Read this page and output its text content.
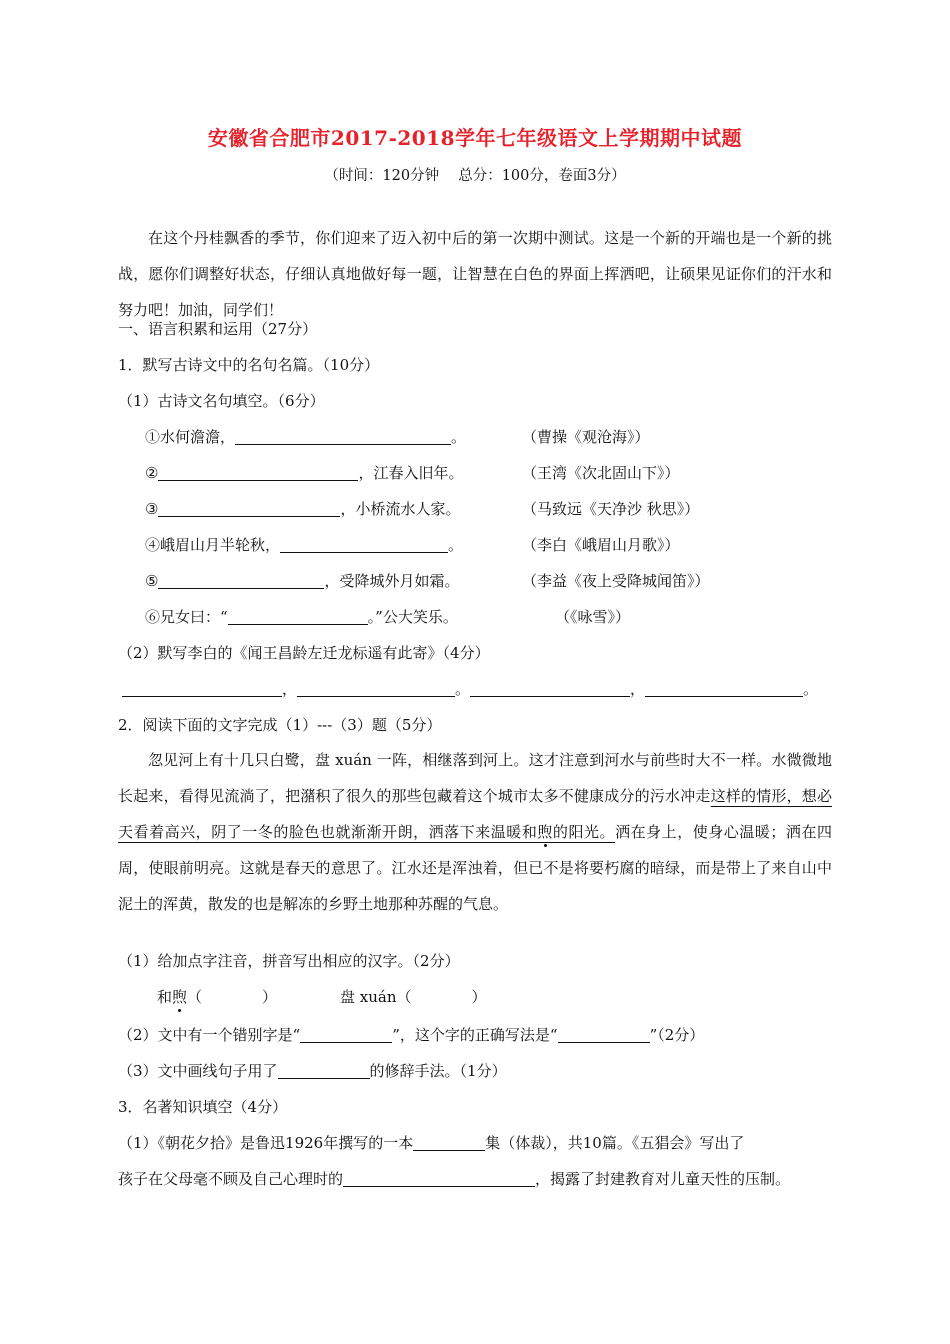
安徽省合肥市2017-2018学年七年级语文上学期期中试题
（时间：120分钟　 总分：100分，卷面3分）
在这个丹桂飘香的季节，你们迎来了迈入初中后的第一次期中测试。这是一个新的开端也是一个新的挑战，愿你们调整好状态，仔细认真地做好每一题，让智慧在白色的界面上挥洒吧，让硕果见证你们的汗水和努力吧！加油，同学们！
一、语言积累和运用（27分）
1．默写古诗文中的名句名篇。（10分）
（1）古诗文名句填空。（6分）
①水何澹澹，	。	（曹操《观沧海》）
②	，江春入旧年。	（王湾《次北固山下》）
③	，小桥流水人家。	（马致远《天净沙 秋思》）
④峨眉山月半轮秋，	。	（李白《峨眉山月歌》）
⑤	，受降城外月如霜。	（李益《夜上受降城闻笛》）
⑥兄女曰：“	。”公大笑乐。	（《咏雪》）
（2）默写李白的《闻王昌龄左迁龙标遥有此寄》（4分）
，	。	，	。
2．阅读下面的文字完成（1）---（3）题（5分）
忽见河上有十几只白鹭，盘 xuán 一阵，相继落到河上。这才注意到河水与前些时大不一样。水微微地长起来，看得见流淌了，把潴积了很久的那些包藏着这个城市太多不健康成分的污水冲走这样的情形，想必天看着高兴，阴了一冬的脸色也就渐渐开朗，洒落下来温暖和煦的阳光。洒在身上，使身心温暖；洒在四周，使眼前明亮。这就是春天的意思了。江水还是浑浊着，但已不是将要朽腐的暗绿，而是带上了来自山中泥土的浑黄，散发的也是解冻的乡野土地那种苏醒的气息。
（1）给加点字注音，拼音写出相应的汉字。（2分）
和煦（　　　　）	盘 xuán（　　　　）
（2）文中有一个错别字是“	”，这个字的正确写法是“	”（2分）
（3）文中画线句子用了	的修辞手法。（1分）
3．名著知识填空（4分）
（1）《朝花夕拾》是鲁迅1926年撰写的一本	集（体裁），共10篇。《五猖会》写出了
孩子在父母毫不顾及自己心理时的	，揭露了封建教育对儿童天性的压制。
